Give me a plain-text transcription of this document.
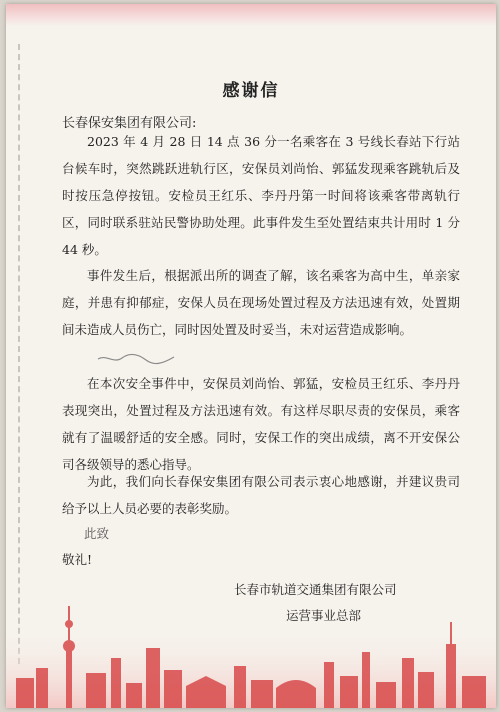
感谢信
长春保安集团有限公司:

2023 年 4 月 28 日 14 点 36 分一名乘客在 3 号线长春站下行站台候车时，突然跳跃进轨行区，安保员刘尚怡、郭猛发现乘客跳轨后及时按压急停按钮。安检员王红乐、李丹丹第一时间将该乘客带离轨行区，同时联系驻站民警协助处理。此事件发生至处置结束共计用时 1 分 44 秒。

事件发生后，根据派出所的调查了解，该名乘客为高中生，单亲家庭，并患有抑郁症，安保人员在现场处置过程及方法迅速有效，处置期间未造成人员伤亡，同时因处置及时妥当，未对运营造成影响。

在本次安全事件中，安保员刘尚怡、郭猛，安检员王红乐、李丹丹表现突出，处置过程及方法迅速有效。有这样尽职尽责的安保员，乘客就有了温暖舒适的安全感。同时，安保工作的突出成绩，离不开安保公司各级领导的悉心指导。

为此，我们向长春保安集团有限公司表示衷心地感谢，并建议贵司给予以上人员必要的表彰奖励。

此致
敬礼!
长春市轨道交通集团有限公司
运营事业总部
